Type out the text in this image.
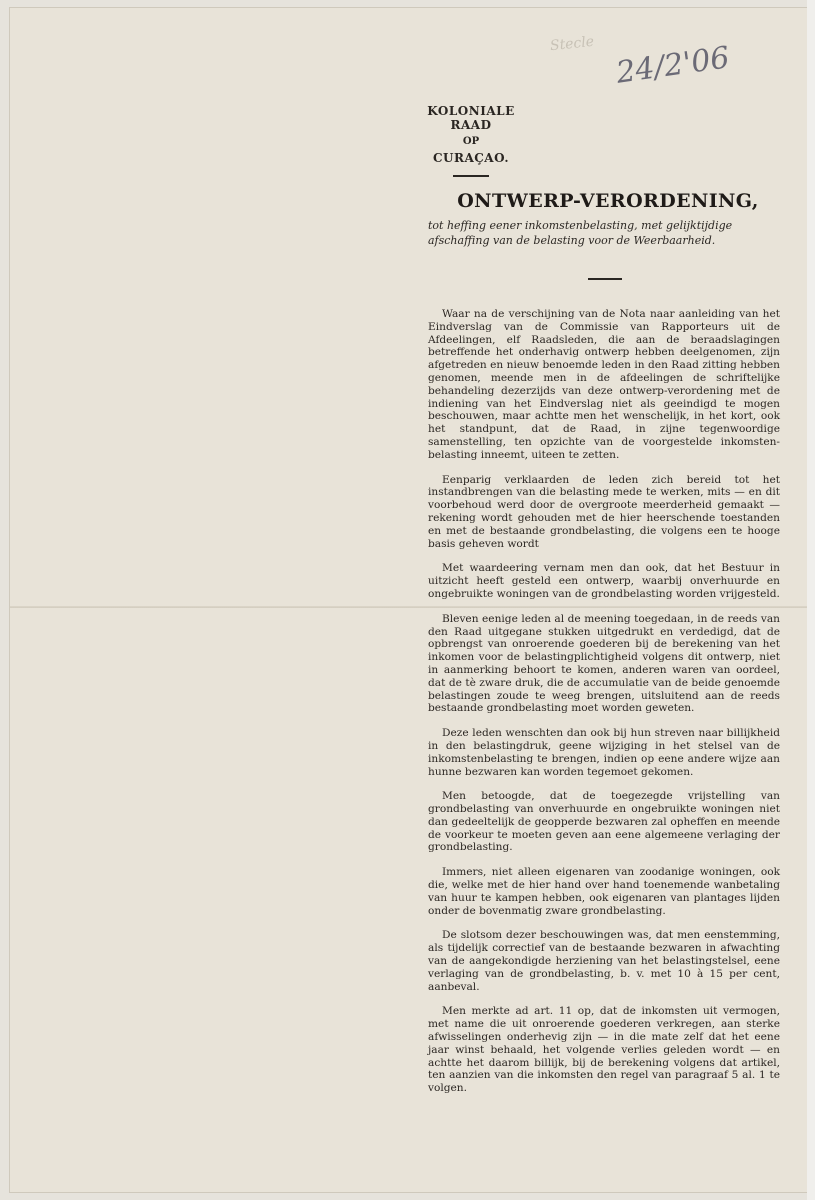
Stecle 24/2'06
KOLONIALE RAAD
OP
CURAÇAO.
ONTWERP-VERORDENING,
tot heffing eener inkomstenbelasting, met gelijktijdige afschaffing van de belasting voor de Weerbaarheid.

Waar na de verschijning van de Nota naar aanleiding van het Eindverslag van de Commissie van Rapporteurs uit de Afdeelingen, elf Raadsleden, die aan de beraadslagingen betreffende het onderhavig ontwerp hebben deelgenomen, zijn afgetreden en nieuw benoemde leden in den Raad zitting hebben genomen, meende men in de afdeelingen de schriftelijke behandeling dezerzijds van deze ontwerp-verordening met de indiening van het Eindverslag niet als geeindigd te mogen beschouwen, maar achtte men het wenschelijk, in het kort, ook het standpunt, dat de Raad, in zijne tegenwoordige samenstelling, ten opzichte van de voorgestelde inkomsten-belasting inneemt, uiteen te zetten.

Eenparig verklaarden de leden zich bereid tot het instandbrengen van die belasting mede te werken, mits — en dit voorbehoud werd door de overgroote meerderheid gemaakt — rekening wordt gehouden met de hier heerschende toestanden en met de bestaande grondbelasting, die volgens een te hooge basis geheven wordt

Met waardeering vernam men dan ook, dat het Bestuur in uitzicht heeft gesteld een ontwerp, waarbij onverhuurde en ongebruikte woningen van de grondbelasting worden vrijgesteld.

Bleven eenige leden al de meening toegedaan, in de reeds van den Raad uitgegane stukken uitgedrukt en verdedigd, dat de opbrengst van onroerende goederen bij de berekening van het inkomen voor de belastingplichtigheid volgens dit ontwerp, niet in aanmerking behoort te komen, anderen waren van oordeel, dat de tè zware druk, die de accumulatie van de beide genoemde belastingen zoude te weeg brengen, uitsluitend aan de reeds bestaande grondbelasting moet worden geweten.

Deze leden wenschten dan ook bij hun streven naar billijkheid in den belastingdruk, geene wijziging in het stelsel van de inkomstenbelasting te brengen, indien op eene andere wijze aan hunne bezwaren kan worden tegemoet gekomen.

Men betoogde, dat de toegezegde vrijstelling van grondbelasting van onverhuurde en ongebruikte woningen niet dan gedeeltelijk de geopperde bezwaren zal opheffen en meende de voorkeur te moeten geven aan eene algemeene verlaging der grondbelasting.

Immers, niet alleen eigenaren van zoodanige woningen, ook die, welke met de hier hand over hand toenemende wanbetaling van huur te kampen hebben, ook eigenaren van plantages lijden onder de bovenmatig zware grondbelasting.

De slotsom dezer beschouwingen was, dat men eenstemming, als tijdelijk correctief van de bestaande bezwaren in afwachting van de aangekondigde herziening van het belastingstelsel, eene verlaging van de grondbelasting, b. v. met 10 à 15 per cent, aanbeval.

Men merkte ad art. 11 op, dat de inkomsten uit vermogen, met name die uit onroerende goederen verkregen, aan sterke afwisselingen onderhevig zijn — in die mate zelf dat het eene jaar winst behaald, het volgende verlies geleden wordt — en achtte het daarom billijk, bij de berekening volgens dat artikel, ten aanzien van die inkomsten den regel van paragraaf 5 al. 1 te volgen.
